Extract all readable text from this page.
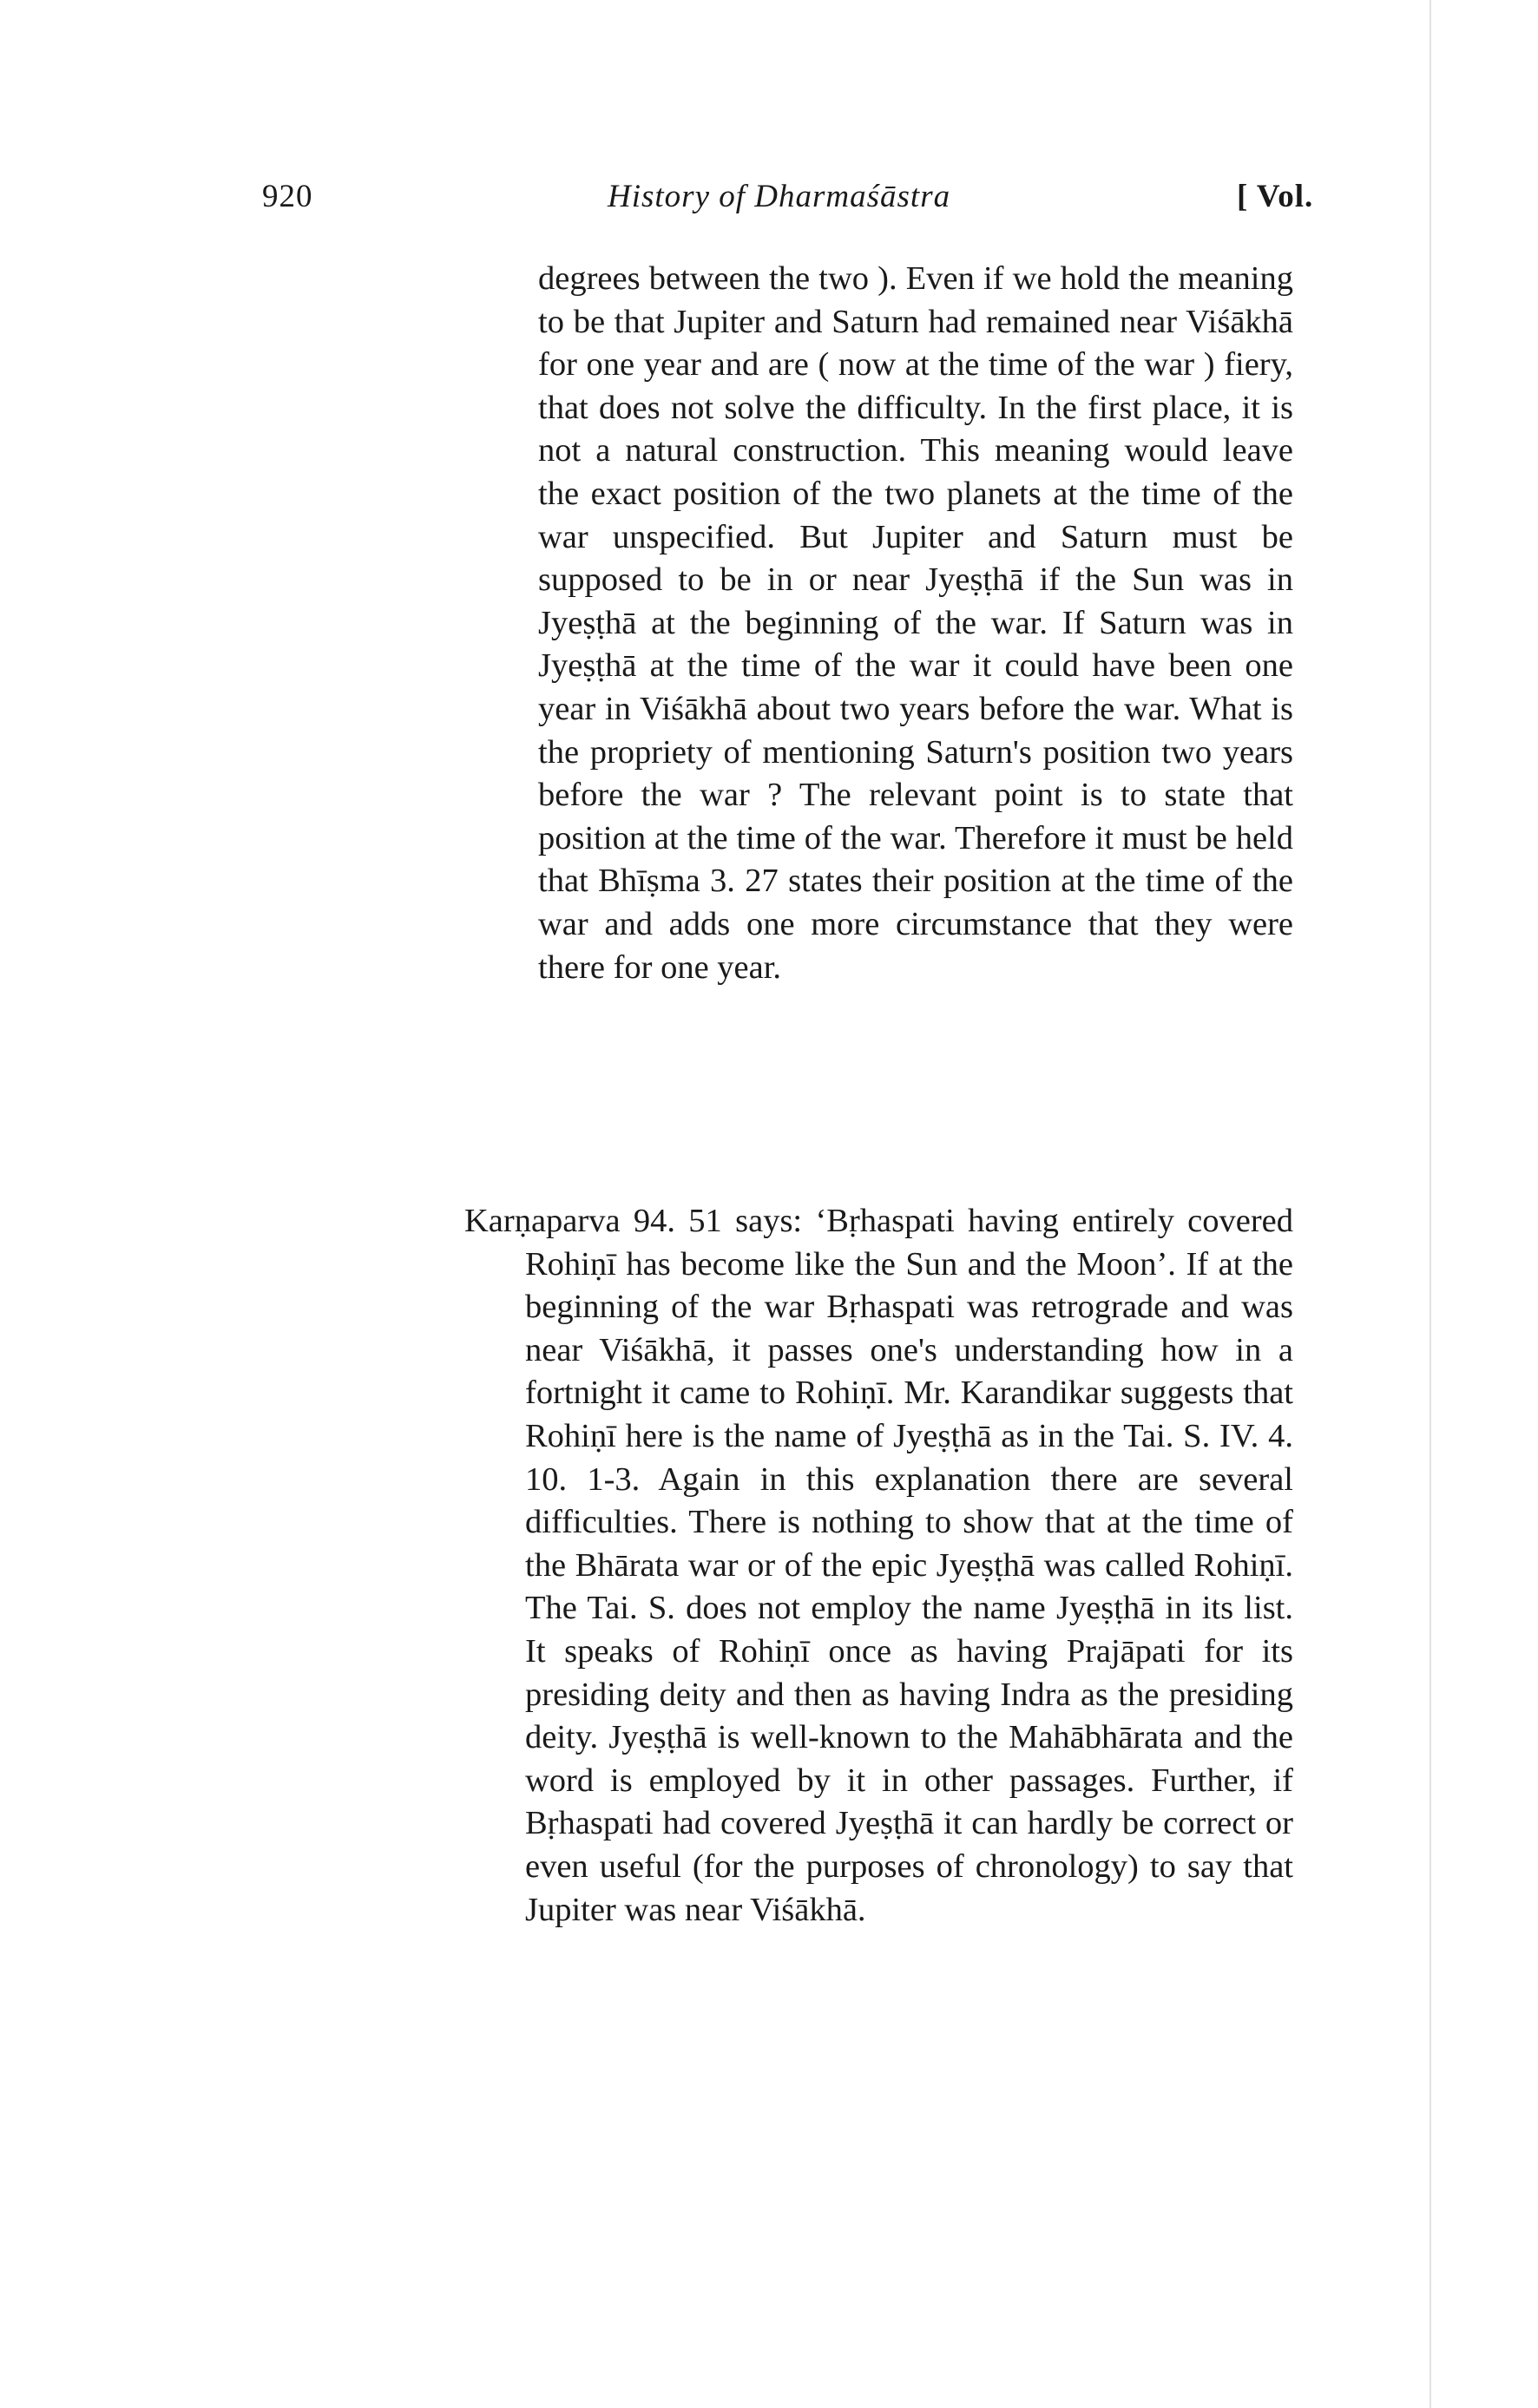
920	History of Dharmaśāstra	[ Vol.

degrees between the two ). Even if we hold the meaning to be that Jupiter and Saturn had remained near Viśākhā for one year and are ( now at the time of the war ) fiery, that does not solve the difficulty. In the first place, it is not a natural construction. This meaning would leave the exact position of the two planets at the time of the war unspecified. But Jupiter and Saturn must be supposed to be in or near Jyeṣṭhā if the Sun was in Jyeṣṭhā at the beginning of the war. If Saturn was in Jyeṣṭhā at the time of the war it could have been one year in Viśākhā about two years before the war. What is the propriety of mentioning Saturn's position two years before the war ? The relevant point is to state that position at the time of the war. Therefore it must be held that Bhīṣma 3. 27 states their position at the time of the war and adds one more circumstance that they were there for one year.

Karṇaparva 94. 51 says: ‘Bṛhaspati having entirely covered Rohiṇī has become like the Sun and the Moon’. If at the beginning of the war Bṛhaspati was retrograde and was near Viśākhā, it passes one's understanding how in a fortnight it came to Rohiṇī. Mr. Karandikar suggests that Rohiṇī here is the name of Jyeṣṭhā as in the Tai. S. IV. 4. 10. 1-3. Again in this explanation there are several difficulties. There is nothing to show that at the time of the Bhārata war or of the epic Jyeṣṭhā was called Rohiṇī. The Tai. S. does not employ the name Jyeṣṭhā in its list. It speaks of Rohiṇī once as having Prajāpati for its presiding deity and then as having Indra as the presiding deity. Jyeṣṭhā is well-known to the Mahābhārata and the word is employed by it in other passages. Further, if Bṛhaspati had covered Jyeṣṭhā it can hardly be correct or even useful (for the purposes of chronology) to say that Jupiter was near Viśākhā.
